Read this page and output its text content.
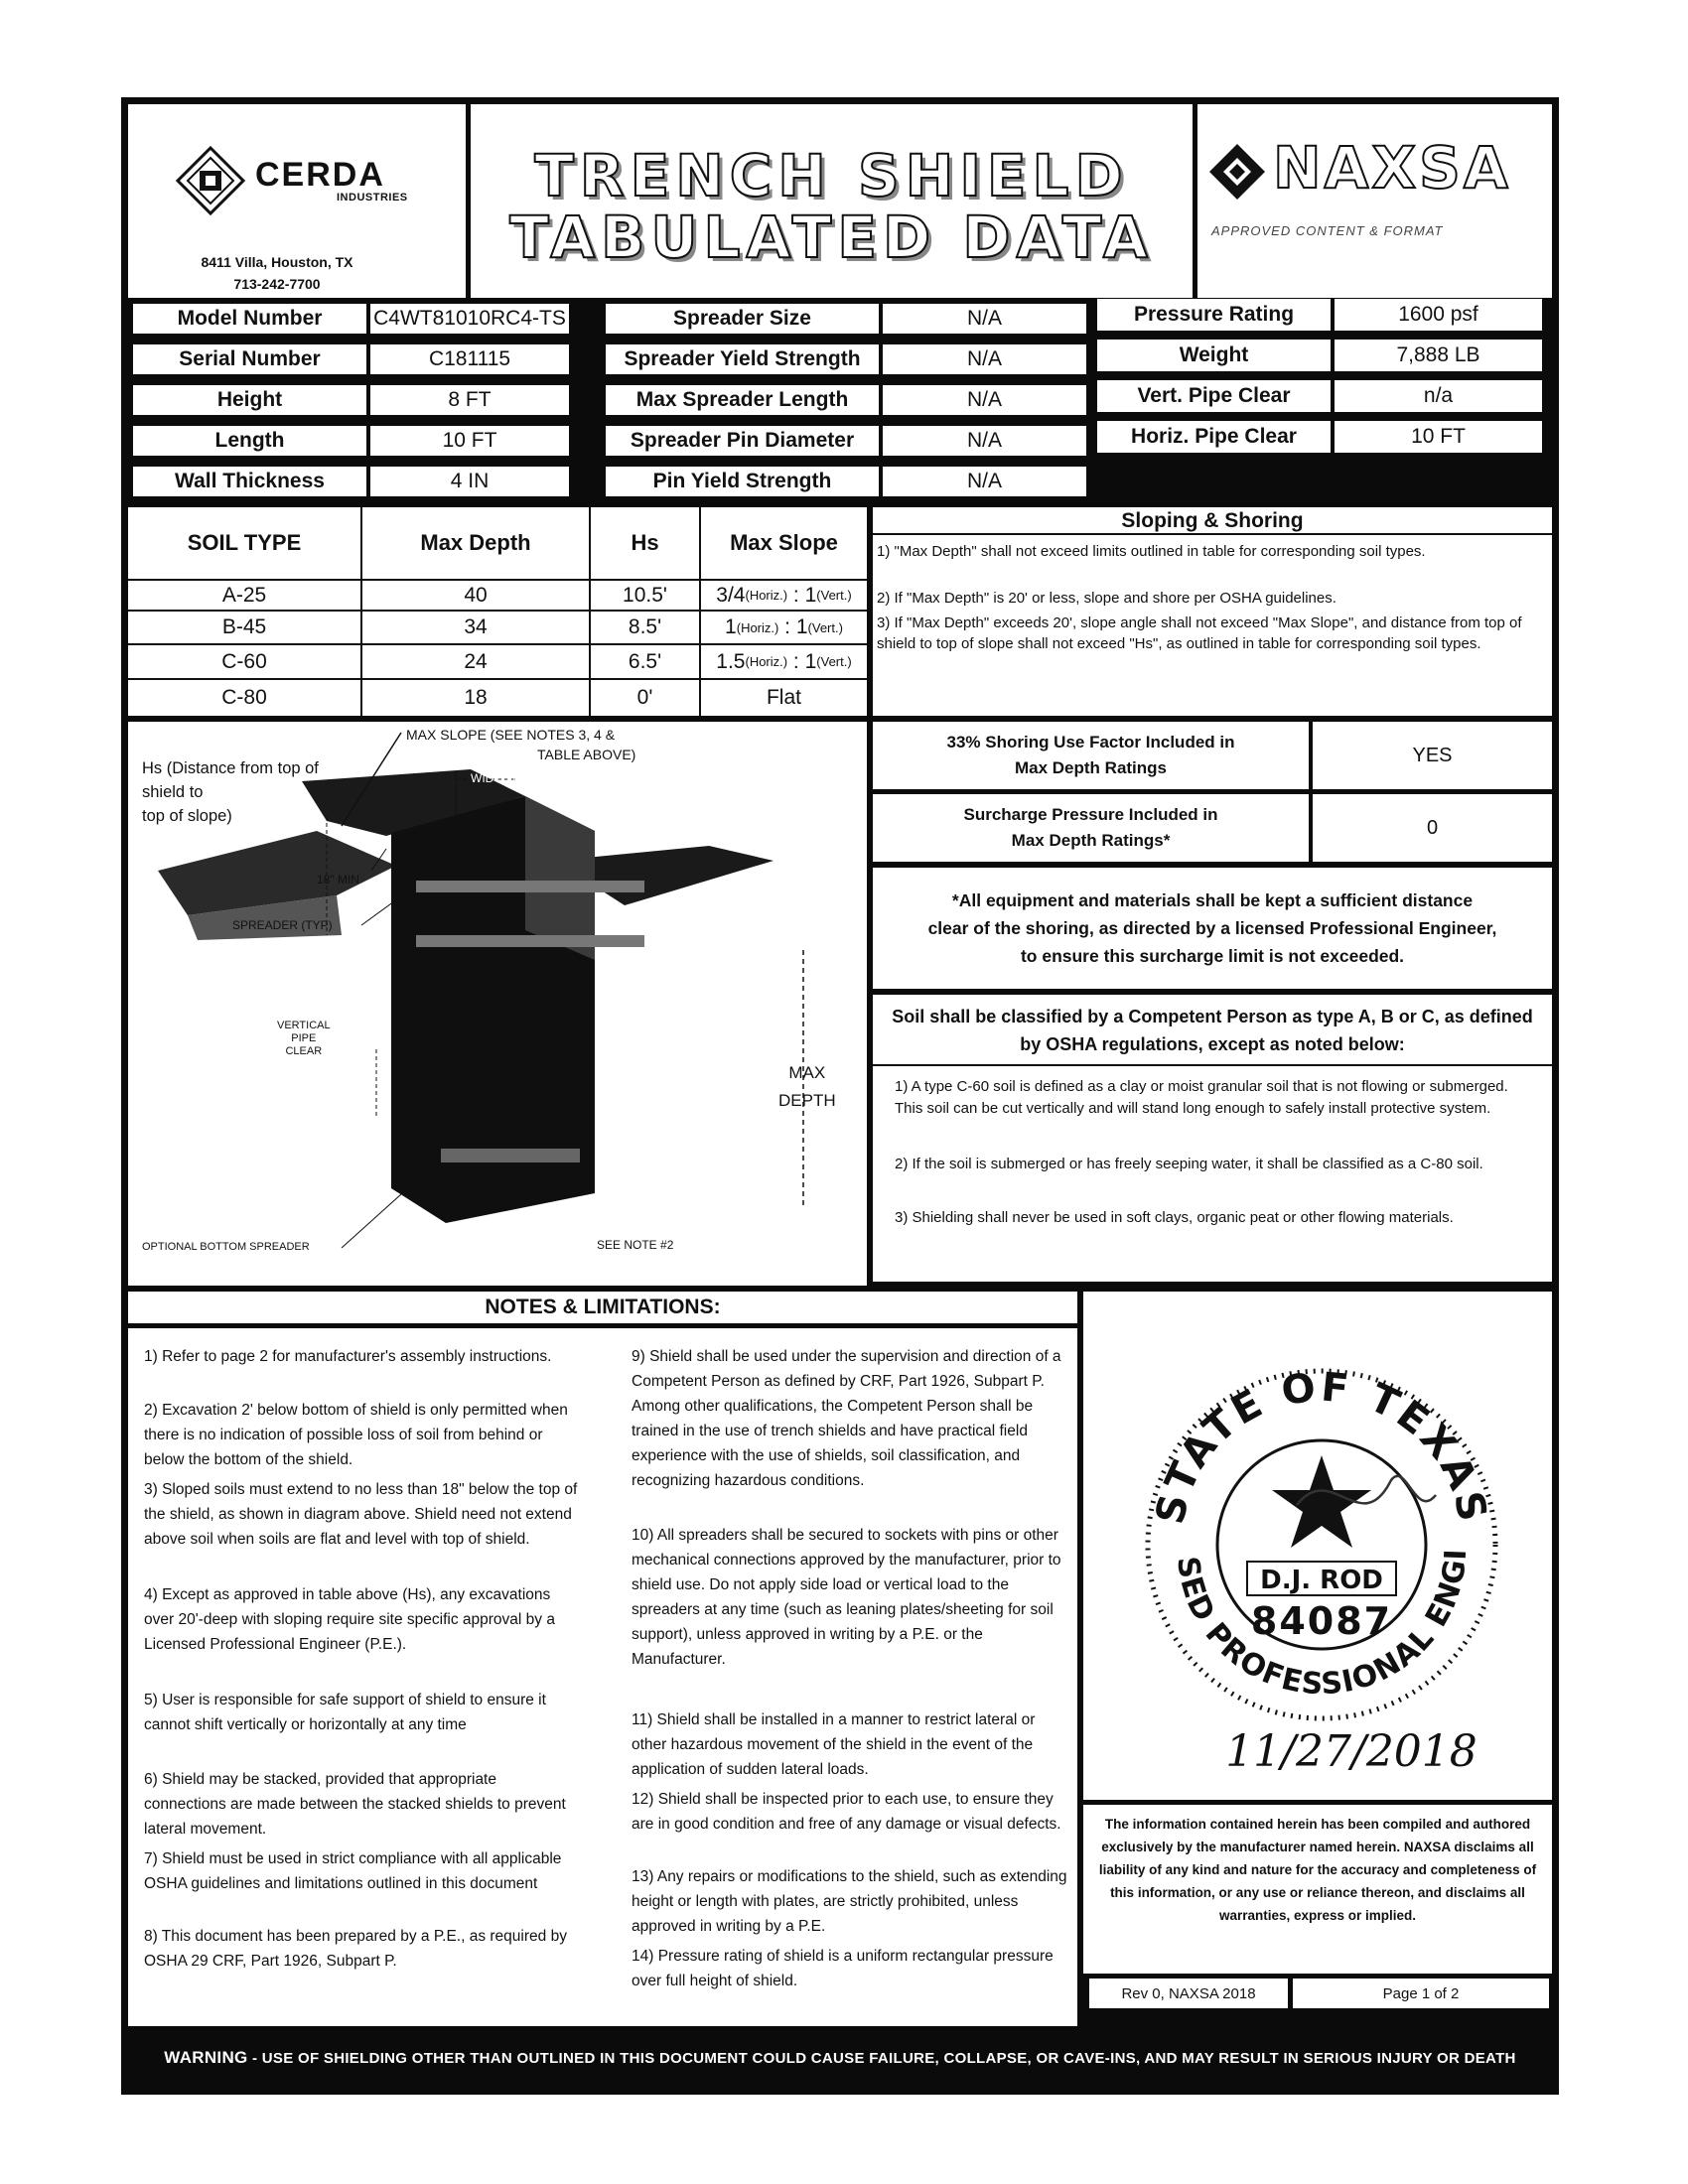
CERDA
INDUSTRIES
8411 Villa, Houston, TX
713-242-7700
TRENCH SHIELD
TABULATED DATA
NAXSA
APPROVED CONTENT & FORMAT
Model Number	C4WT81010RC4-TS
Serial Number	C181115
Height	8 FT
Length	10 FT
Wall Thickness	4 IN
Spreader Size	N/A
Spreader Yield Strength	N/A
Max Spreader Length	N/A
Spreader Pin Diameter	N/A
Pin Yield Strength	N/A
Pressure Rating	1600 psf
Weight	7,888 LB
Vert. Pipe Clear	n/a
Horiz. Pipe Clear	10 FT
SOIL TYPE	Max Depth	Hs	Max Slope
A-25	40	10.5'	3/4 (Horiz.) : 1 (Vert.)
B-45	34	8.5'	1 (Horiz.) : 1 (Vert.)
C-60	24	6.5'	1.5 (Horiz.) : 1 (Vert.)
C-80	18	0'	Flat
Sloping & Shoring
1) "Max Depth" shall not exceed limits outlined in table for corresponding soil types.
2) If "Max Depth" is 20' or less, slope and shore per OSHA guidelines.
3) If "Max Depth" exceeds 20', slope angle shall not exceed "Max Slope", and distance from top of shield to top of slope shall not exceed "Hs", as outlined in table for corresponding soil types.
Hs (Distance from top of
shield to
top of slope)
MAX SLOPE (SEE NOTES 3, 4 &
TABLE ABOVE)
WIDTH (W)
18" MIN
SPREADER (TYP)
VERTICAL
PIPE
CLEAR
MAX
DEPTH
OPTIONAL BOTTOM SPREADER	SEE NOTE #2
33% Shoring Use Factor Included in
Max Depth Ratings
YES
Surcharge Pressure Included in
Max Depth Ratings*
0
*All equipment and materials shall be kept a sufficient distance
clear of the shoring, as directed by a licensed Professional Engineer,
to ensure this surcharge limit is not exceeded.
Soil shall be classified by a Competent Person as type A, B or C, as defined
by OSHA regulations, except as noted below:
1) A type C-60 soil is defined as a clay or moist granular soil that is not flowing or submerged. This soil can be cut vertically and will stand long enough to safely install protective system.
2) If the soil is submerged or has freely seeping water, it shall be classified as a C-80 soil.
3) Shielding shall never be used in soft clays, organic peat or other flowing materials.
NOTES & LIMITATIONS:
1) Refer to page 2 for manufacturer's assembly instructions.
2) Excavation 2' below bottom of shield is only permitted when there is no indication of possible loss of soil from behind or below the bottom of the shield.
3) Sloped soils must extend to no less than 18" below the top of the shield, as shown in diagram above. Shield need not extend above soil when soils are flat and level with top of shield.
4) Except as approved in table above (Hs), any excavations over 20'-deep with sloping require site specific approval by a Licensed Professional Engineer (P.E.).
5) User is responsible for safe support of shield to ensure it cannot shift vertically or horizontally at any time
6) Shield may be stacked, provided that appropriate connections are made between the stacked shields to prevent lateral movement.
7) Shield must be used in strict compliance with all applicable OSHA guidelines and limitations outlined in this document
8) This document has been prepared by a P.E., as required by OSHA 29 CRF, Part 1926, Subpart P.
9) Shield shall be used under the supervision and direction of a Competent Person as defined by CRF, Part 1926, Subpart P. Among other qualifications, the Competent Person shall be trained in the use of trench shields and have practical field experience with the use of shields, soil classification, and recognizing hazardous conditions.
10) All spreaders shall be secured to sockets with pins or other mechanical connections approved by the manufacturer, prior to shield use. Do not apply side load or vertical load to the spreaders at any time (such as leaning plates/sheeting for soil support), unless approved in writing by a P.E. or the Manufacturer.
11) Shield shall be installed in a manner to restrict lateral or other hazardous movement of the shield in the event of the application of sudden lateral loads.
12) Shield shall be inspected prior to each use, to ensure they are in good condition and free of any damage or visual defects.
13) Any repairs or modifications to the shield, such as extending height or length with plates, are strictly prohibited, unless approved in writing by a P.E.
14) Pressure rating of shield is a uniform rectangular pressure over full height of shield.
STATE OF TEXAS
SED PROFESSIONAL ENGI
D.J. ROD
84087
11/27/2018
The information contained herein has been compiled and authored exclusively by the manufacturer named herein. NAXSA disclaims all liability of any kind and nature for the accuracy and completeness of this information, or any use or reliance thereon, and disclaims all warranties, express or implied.
Rev 0, NAXSA 2018	Page 1 of 2
WARNING - USE OF SHIELDING OTHER THAN OUTLINED IN THIS DOCUMENT COULD CAUSE FAILURE, COLLAPSE, OR CAVE-INS, AND MAY RESULT IN SERIOUS INJURY OR DEATH
